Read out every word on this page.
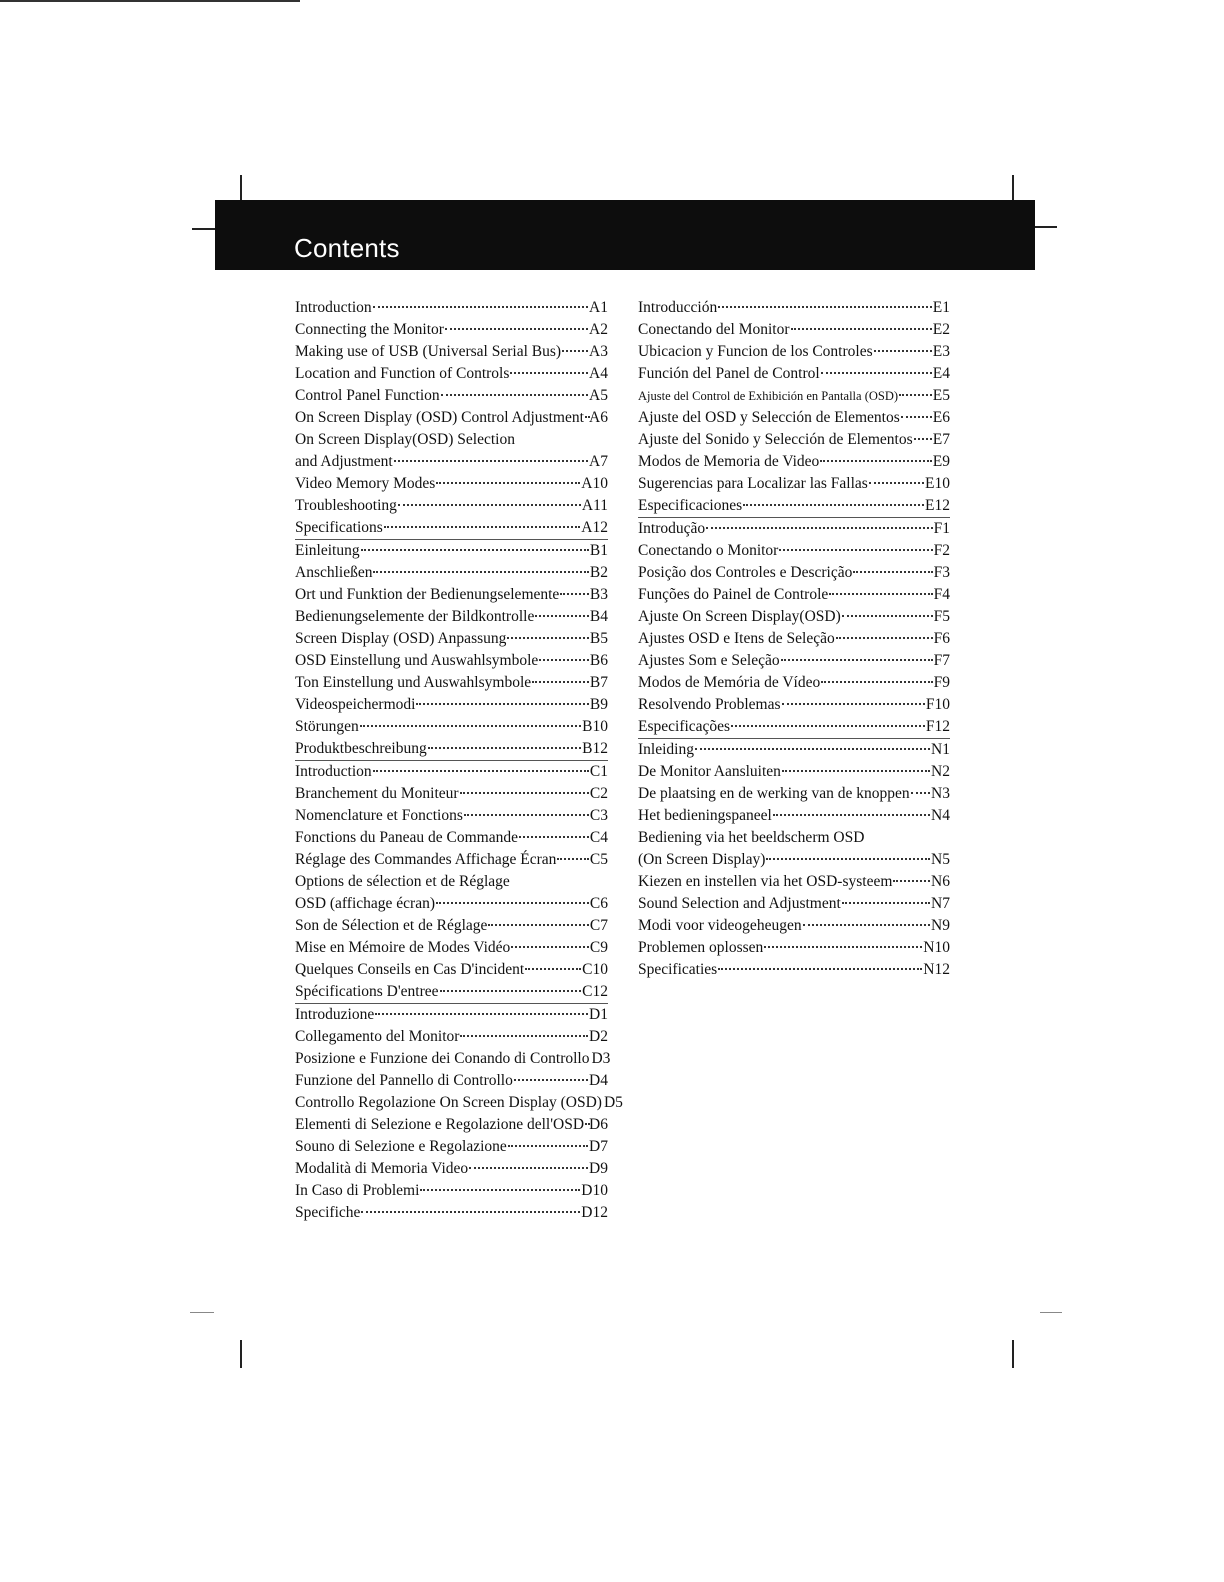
Contents
Introduction	A1
Connecting the Monitor	A2
Making use of USB (Universal Serial Bus) A3
Location and Function of Controls	A4
Control Panel Function	A5
On Screen Display (OSD) Control Adjustment A6
On Screen Display(OSD) Selection
and Adjustment	A7
Video Memory Modes	A10
Troubleshooting	A11
Specifications	A12
Einleitung	B1
Anschließen	B2
Ort und Funktion der Bedienungselemente B3
Bedienungselemente der Bildkontrolle	B4
Screen Display (OSD) Anpassung	B5
OSD Einstellung und Auswahlsymbole	B6
Ton Einstellung und Auswahlsymbole	B7
Videospeichermodi	B9
Störungen	B10
Produktbeschreibung	B12
Introduction	C1
Branchement du Moniteur	C2
Nomenclature et Fonctions	C3
Fonctions du Paneau de Commande	C4
Réglage des Commandes Affichage Écran C5
Options de sélection et de Réglage
OSD (affichage écran)	C6
Son de Sélection et de Réglage	C7
Mise en Mémoire de Modes Vidéo	C9
Quelques Conseils en Cas D'incident	C10
Spécifications D'entree	C12
Introduzione	D1
Collegamento del Monitor	D2
Posizione e Funzione dei Conando di Controllo D3
Funzione del Pannello di Controllo	D4
Controllo Regolazione On Screen Display (OSD) D5
Elementi di Selezione e Regolazione dell'OSD D6
Souno di Selezione e Regolazione	D7
Modalità di Memoria Video	D9
In Caso di Problemi	D10
Specifiche	D12
Introducción	E1
Conectando del Monitor	E2
Ubicacion y Funcion de los Controles	E3
Función del Panel de Control	E4
Ajuste del Control de Exhibición en Pantalla (OSD) E5
Ajuste del OSD y Selección de Elementos E6
Ajuste del Sonido y Selección de Elementos E7
Modos de Memoria de Video	E9
Sugerencias para Localizar las Fallas	E10
Especificaciones	E12
Introdução	F1
Conectando o Monitor	F2
Posição dos Controles e Descrição	F3
Funções do Painel de Controle	F4
Ajuste On Screen Display(OSD)	F5
Ajustes OSD e Itens de Seleção	F6
Ajustes Som e Seleção	F7
Modos de Memória de Vídeo	F9
Resolvendo Problemas	F10
Especificações	F12
Inleiding	N1
De Monitor Aansluiten	N2
De plaatsing en de werking van de knoppen N3
Het bedieningspaneel	N4
Bediening via het beeldscherm OSD
(On Screen Display)	N5
Kiezen en instellen via het OSD-systeem N6
Sound Selection and Adjustment	N7
Modi voor videogeheugen	N9
Problemen oplossen	N10
Specificaties	N12
